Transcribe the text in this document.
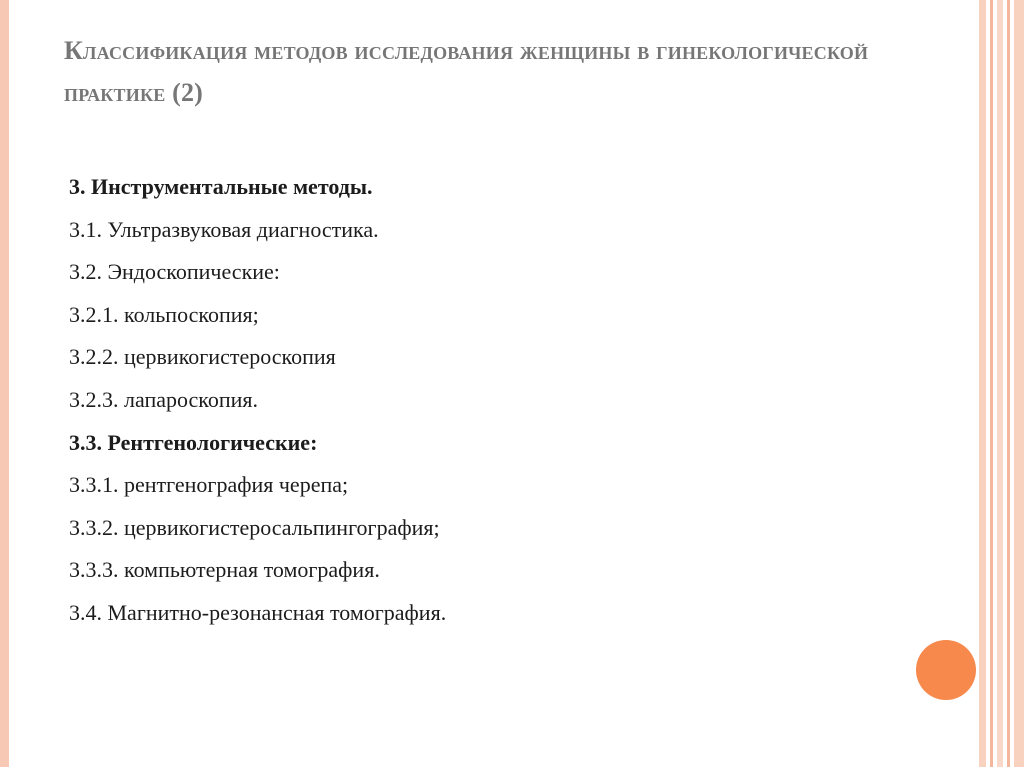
Классификация методов исследования женщины в гинекологической практике (2)
3. Инструментальные методы.
3.1. Ультразвуковая диагностика.
3.2. Эндоскопические:
3.2.1. кольпоскопия;
3.2.2. цервикогистероскопия
3.2.3. лапароскопия.
3.3. Рентгенологические:
3.3.1. рентгенография черепа;
3.3.2. цервикогистеросальпингография;
3.3.3. компьютерная томография.
3.4. Магнитно-резонансная томография.
